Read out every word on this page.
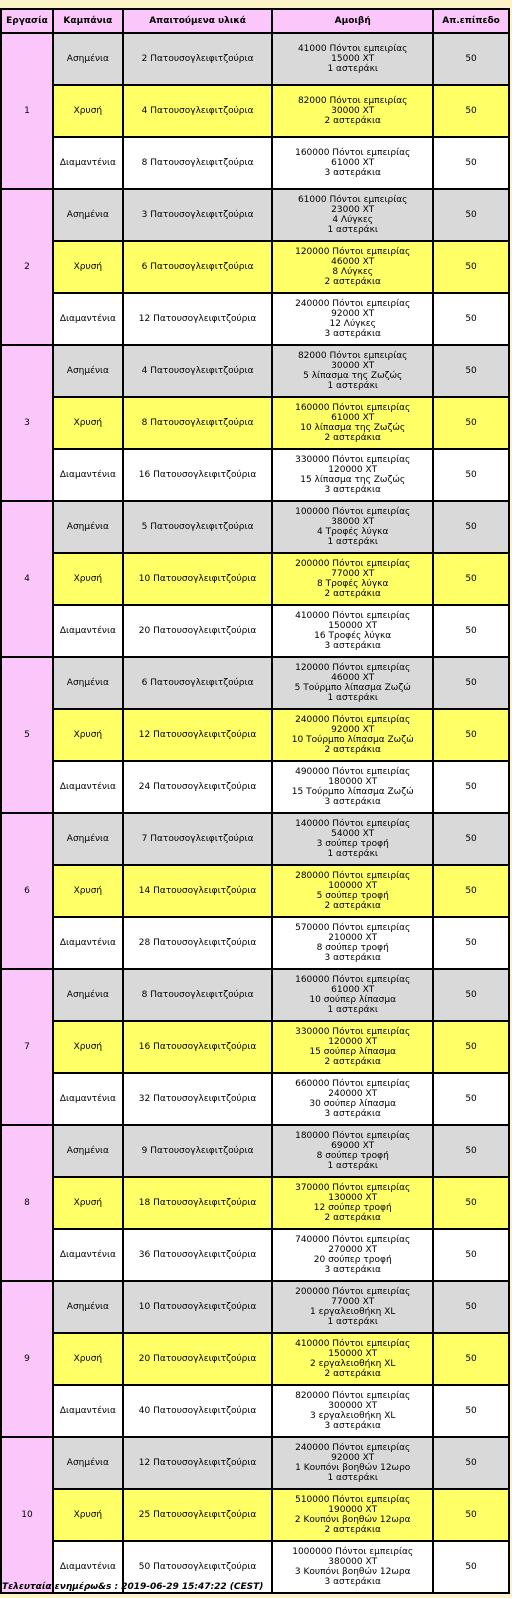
Εργασία	Καμπάνια	Απαιτούμενα υλικά	Αμοιβή	Απ.επίπεδο
1	Ασημένια	2 Πατουσογλειφιτζούρια	41000 Πόντοι εμπειρίας
15000 ΧΤ
1 αστεράκι	50
	Χρυσή	4 Πατουσογλειφιτζούρια	82000 Πόντοι εμπειρίας
30000 ΧΤ
2 αστεράκια	50
	Διαμαντένια	8 Πατουσογλειφιτζούρια	160000 Πόντοι εμπειρίας
61000 ΧΤ
3 αστεράκια	50
2	Ασημένια	3 Πατουσογλειφιτζούρια	61000 Πόντοι εμπειρίας
23000 ΧΤ
4 Λύγκες
1 αστεράκι	50
	Χρυσή	6 Πατουσογλειφιτζούρια	120000 Πόντοι εμπειρίας
46000 ΧΤ
8 Λύγκες
2 αστεράκια	50
	Διαμαντένια	12 Πατουσογλειφιτζούρια	240000 Πόντοι εμπειρίας
92000 ΧΤ
12 Λύγκες
3 αστεράκια	50
3	Ασημένια	4 Πατουσογλειφιτζούρια	82000 Πόντοι εμπειρίας
30000 ΧΤ
5 λίπασμα της Ζωζώς
1 αστεράκι	50
	Χρυσή	8 Πατουσογλειφιτζούρια	160000 Πόντοι εμπειρίας
61000 ΧΤ
10 λίπασμα της Ζωζώς
2 αστεράκια	50
	Διαμαντένια	16 Πατουσογλειφιτζούρια	330000 Πόντοι εμπειρίας
120000 ΧΤ
15 λίπασμα της Ζωζώς
3 αστεράκια	50
4	Ασημένια	5 Πατουσογλειφιτζούρια	100000 Πόντοι εμπειρίας
38000 ΧΤ
4 Τροφές λύγκα
1 αστεράκι	50
	Χρυσή	10 Πατουσογλειφιτζούρια	200000 Πόντοι εμπειρίας
77000 ΧΤ
8 Τροφές λύγκα
2 αστεράκια	50
	Διαμαντένια	20 Πατουσογλειφιτζούρια	410000 Πόντοι εμπειρίας
150000 ΧΤ
16 Τροφές λύγκα
3 αστεράκια	50
5	Ασημένια	6 Πατουσογλειφιτζούρια	120000 Πόντοι εμπειρίας
46000 ΧΤ
5 Τούρμπο λίπασμα Ζωζώ
1 αστεράκι	50
	Χρυσή	12 Πατουσογλειφιτζούρια	240000 Πόντοι εμπειρίας
92000 ΧΤ
10 Τούρμπο λίπασμα Ζωζώ
2 αστεράκια	50
	Διαμαντένια	24 Πατουσογλειφιτζούρια	490000 Πόντοι εμπειρίας
180000 ΧΤ
15 Τούρμπο λίπασμα Ζωζώ
3 αστεράκια	50
6	Ασημένια	7 Πατουσογλειφιτζούρια	140000 Πόντοι εμπειρίας
54000 ΧΤ
3 σούπερ τροφή
1 αστεράκι	50
	Χρυσή	14 Πατουσογλειφιτζούρια	280000 Πόντοι εμπειρίας
100000 ΧΤ
5 σούπερ τροφή
2 αστεράκια	50
	Διαμαντένια	28 Πατουσογλειφιτζούρια	570000 Πόντοι εμπειρίας
210000 ΧΤ
8 σούπερ τροφή
3 αστεράκια	50
7	Ασημένια	8 Πατουσογλειφιτζούρια	160000 Πόντοι εμπειρίας
61000 ΧΤ
10 σούπερ λίπασμα
1 αστεράκι	50
	Χρυσή	16 Πατουσογλειφιτζούρια	330000 Πόντοι εμπειρίας
120000 ΧΤ
15 σούπερ λίπασμα
2 αστεράκια	50
	Διαμαντένια	32 Πατουσογλειφιτζούρια	660000 Πόντοι εμπειρίας
240000 ΧΤ
30 σούπερ λίπασμα
3 αστεράκια	50
8	Ασημένια	9 Πατουσογλειφιτζούρια	180000 Πόντοι εμπειρίας
69000 ΧΤ
8 σούπερ τροφή
1 αστεράκι	50
	Χρυσή	18 Πατουσογλειφιτζούρια	370000 Πόντοι εμπειρίας
130000 ΧΤ
12 σούπερ τροφή
2 αστεράκια	50
	Διαμαντένια	36 Πατουσογλειφιτζούρια	740000 Πόντοι εμπειρίας
270000 ΧΤ
20 σούπερ τροφή
3 αστεράκια	50
9	Ασημένια	10 Πατουσογλειφιτζούρια	200000 Πόντοι εμπειρίας
77000 ΧΤ
1 εργαλειοθήκη XL
1 αστεράκι	50
	Χρυσή	20 Πατουσογλειφιτζούρια	410000 Πόντοι εμπειρίας
150000 ΧΤ
2 εργαλειοθήκη XL
2 αστεράκια	50
	Διαμαντένια	40 Πατουσογλειφιτζούρια	820000 Πόντοι εμπειρίας
300000 ΧΤ
3 εργαλειοθήκη XL
3 αστεράκια	50
10	Ασημένια	12 Πατουσογλειφιτζούρια	240000 Πόντοι εμπειρίας
92000 ΧΤ
1 Κουπόνι βοηθών 12ωρο
1 αστεράκι	50
	Χρυσή	25 Πατουσογλειφιτζούρια	510000 Πόντοι εμπειρίας
190000 ΧΤ
2 Κουπόνι βοηθών 12ωρα
2 αστεράκια	50
	Διαμαντένια	50 Πατουσογλειφιτζούρια	1000000 Πόντοι εμπειρίας
380000 ΧΤ
3 Κουπόνι βοηθών 12ωρα
3 αστεράκια	50
Τελευταία ενημέρω&s : 2019-06-29 15:47:22 (CEST)
